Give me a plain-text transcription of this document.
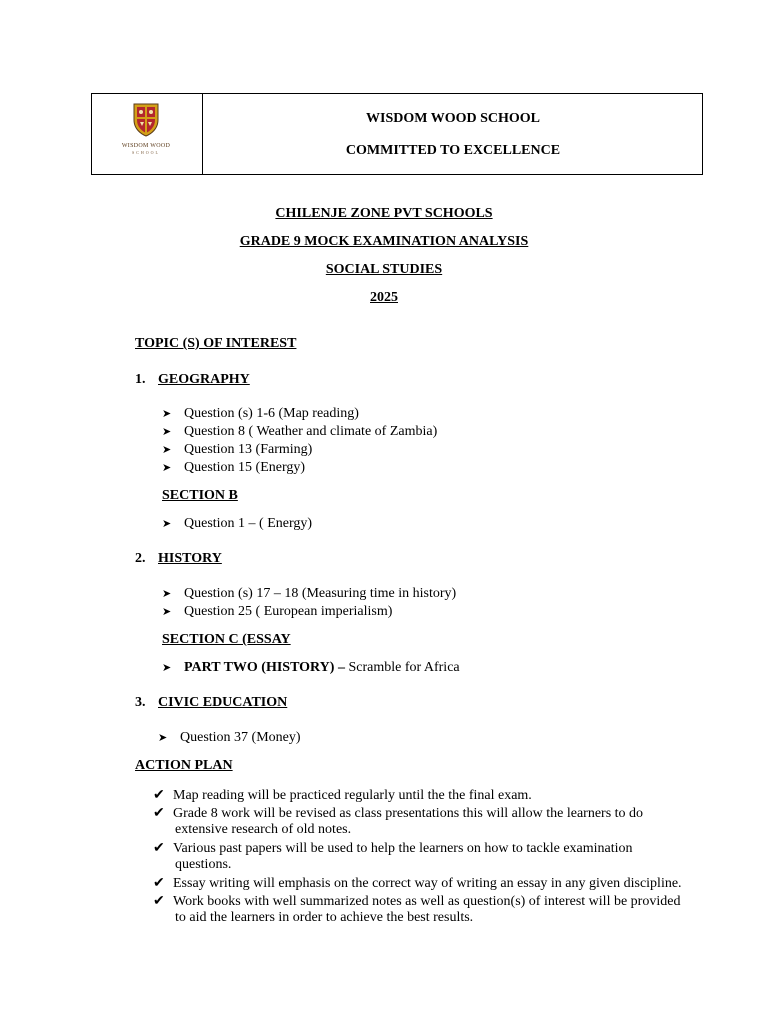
WISDOM WOOD
SCHOOL
WISDOM WOOD SCHOOL
COMMITTED TO EXCELLENCE
CHILENJE ZONE PVT SCHOOLS
GRADE 9 MOCK EXAMINATION ANALYSIS
SOCIAL STUDIES
2025
TOPIC (S) OF INTEREST
1. GEOGRAPHY
➤ Question (s) 1-6 (Map reading)
➤ Question 8 ( Weather and climate of Zambia)
➤ Question 13 (Farming)
➤ Question 15 (Energy)
SECTION B
➤ Question 1 – ( Energy)
2. HISTORY
➤ Question (s) 17 – 18 (Measuring time in history)
➤ Question 25 ( European imperialism)
SECTION C (ESSAY
➤ PART TWO (HISTORY) – Scramble for Africa
3. CIVIC EDUCATION
➤ Question 37 (Money)
ACTION PLAN
✔ Map reading will be practiced regularly until the the final exam.
✔ Grade 8 work will be revised as class presentations this will allow the learners to do
extensive research of old notes.
✔ Various past papers will be used to help the learners on how to tackle examination
questions.
✔ Essay writing will emphasis on the correct way of writing an essay in any given discipline.
✔ Work books with well summarized notes as well as question(s) of interest will be provided
to aid the learners in order to achieve the best results.
